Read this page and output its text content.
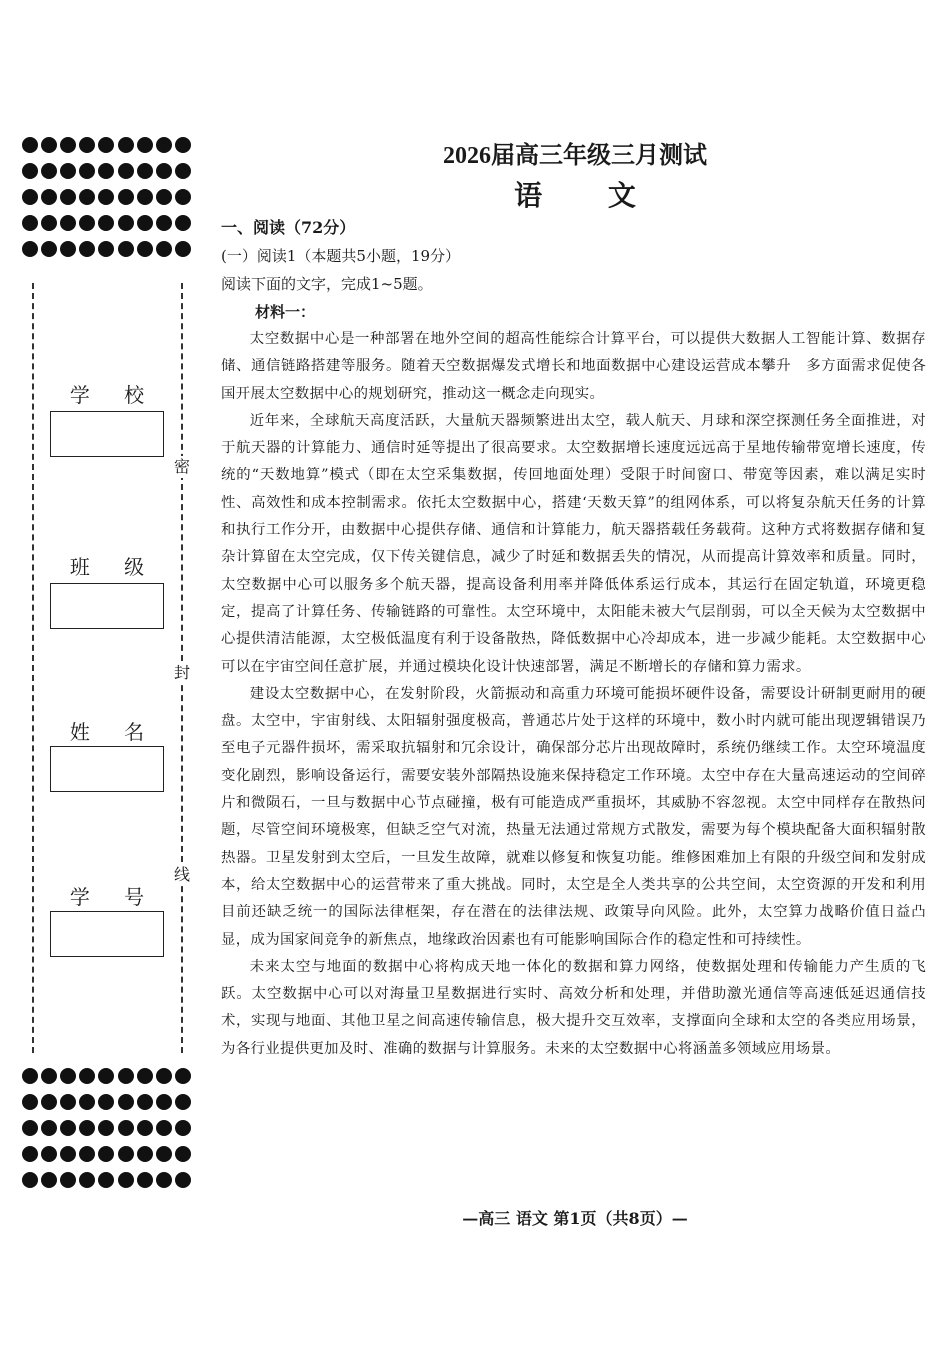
密
封
线
学 校
班 级
姓 名
学 号
2026届高三年级三月测试
语 文
一、阅读（72分）
(一）阅读1（本题共5小题，19分）
阅读下面的文字，完成1~5题。
材料一：

太空数据中心是一种部署在地外空间的超高性能综合计算平台，可以提供大数据人工智能计算、数据存储、通信链路搭建等服务。随着天空数据爆发式增长和地面数据中心建设运营成本攀升　多方面需求促使各国开展太空数据中心的规划研究，推动这一概念走向现实。

近年来，全球航天高度活跃，大量航天器频繁进出太空，载人航天、月球和深空探测任务全面推进，对于航天器的计算能力、通信时延等提出了很高要求。太空数据增长速度远远高于星地传输带宽增长速度，传统的“天数地算”模式（即在太空采集数据，传回地面处理）受限于时间窗口、带宽等因素，难以满足实时性、高效性和成本控制需求。依托太空数据中心，搭建‘天数天算”的组网体系，可以将复杂航天任务的计算和执行工作分开，由数据中心提供存储、通信和计算能力，航天器搭载任务载荷。这种方式将数据存储和复杂计算留在太空完成，仅下传关键信息，减少了时延和数据丢失的情况，从而提高计算效率和质量。同时，太空数据中心可以服务多个航天器，提高设备利用率并降低体系运行成本，其运行在固定轨道，环境更稳定，提高了计算任务、传输链路的可靠性。太空环境中，太阳能未被大气层削弱，可以全天候为太空数据中心提供清洁能源，太空极低温度有利于设备散热，降低数据中心冷却成本，进一步减少能耗。太空数据中心可以在宇宙空间任意扩展，并通过模块化设计快速部署，满足不断增长的存储和算力需求。

建设太空数据中心，在发射阶段，火箭振动和高重力环境可能损坏硬件设备，需要设计研制更耐用的硬盘。太空中，宇宙射线、太阳辐射强度极高，普通芯片处于这样的环境中，数小时内就可能出现逻辑错误乃至电子元器件损坏，需采取抗辐射和冗余设计，确保部分芯片出现故障时，系统仍继续工作。太空环境温度变化剧烈，影响设备运行，需要安装外部隔热设施来保持稳定工作环境。太空中存在大量高速运动的空间碎片和微陨石，一旦与数据中心节点碰撞，极有可能造成严重损坏，其威胁不容忽视。太空中同样存在散热问题，尽管空间环境极寒，但缺乏空气对流，热量无法通过常规方式散发，需要为每个模块配备大面积辐射散热器。卫星发射到太空后，一旦发生故障，就难以修复和恢复功能。维修困难加上有限的升级空间和发射成本，给太空数据中心的运营带来了重大挑战。同时，太空是全人类共享的公共空间，太空资源的开发和利用目前还缺乏统一的国际法律框架，存在潜在的法律法规、政策导向风险。此外，太空算力战略价值日益凸显，成为国家间竞争的新焦点，地缘政治因素也有可能影响国际合作的稳定性和可持续性。

未来太空与地面的数据中心将构成天地一体化的数据和算力网络，使数据处理和传输能力产生质的飞跃。太空数据中心可以对海量卫星数据进行实时、高效分析和处理，并借助激光通信等高速低延迟通信技术，实现与地面、其他卫星之间高速传输信息，极大提升交互效率，支撑面向全球和太空的各类应用场景，为各行业提供更加及时、准确的数据与计算服务。未来的太空数据中心将涵盖多领域应用场景。

—高三 语文 第1页（共8页）—
